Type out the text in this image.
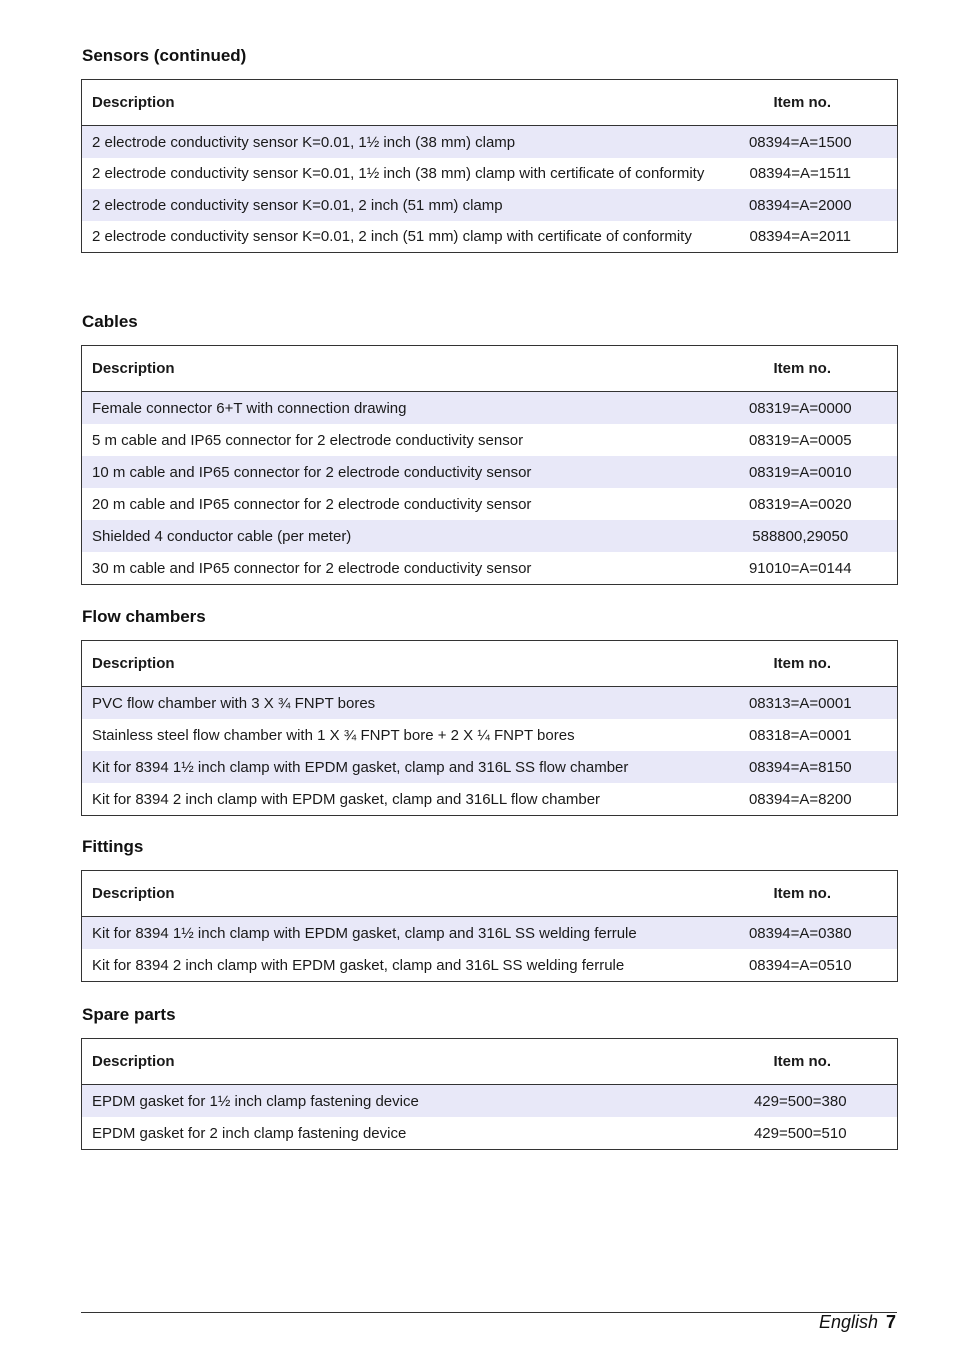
Sensors (continued)
Description	Item no.
2 electrode conductivity sensor K=0.01, 1½ inch (38 mm) clamp	08394=A=1500
2 electrode conductivity sensor K=0.01, 1½ inch (38 mm) clamp with certificate of conformity	08394=A=1511
2 electrode conductivity sensor K=0.01, 2 inch (51 mm) clamp	08394=A=2000
2 electrode conductivity sensor K=0.01, 2 inch (51 mm) clamp with certificate of conformity	08394=A=2011
Cables
Description	Item no.
Female connector 6+T with connection drawing	08319=A=0000
5 m cable and IP65 connector for 2 electrode conductivity sensor	08319=A=0005
10 m cable and IP65 connector for 2 electrode conductivity sensor	08319=A=0010
20 m cable and IP65 connector for 2 electrode conductivity sensor	08319=A=0020
Shielded 4 conductor cable (per meter)	588800,29050
30 m cable and IP65 connector for 2 electrode conductivity sensor	91010=A=0144
Flow chambers
Description	Item no.
PVC flow chamber with 3 X ¾ FNPT bores	08313=A=0001
Stainless steel flow chamber with 1 X ¾ FNPT bore + 2 X ¼ FNPT bores	08318=A=0001
Kit for 8394 1½ inch clamp with EPDM gasket, clamp and 316L SS flow chamber	08394=A=8150
Kit for 8394 2 inch clamp with EPDM gasket, clamp and 316LL flow chamber	08394=A=8200
Fittings
Description	Item no.
Kit for 8394 1½ inch clamp with EPDM gasket, clamp and 316L SS welding ferrule	08394=A=0380
Kit for 8394 2 inch clamp with EPDM gasket, clamp and 316L SS welding ferrule	08394=A=0510
Spare parts
Description	Item no.
EPDM gasket for 1½ inch clamp fastening device	429=500=380
EPDM gasket for 2 inch clamp fastening device	429=500=510
English 7
